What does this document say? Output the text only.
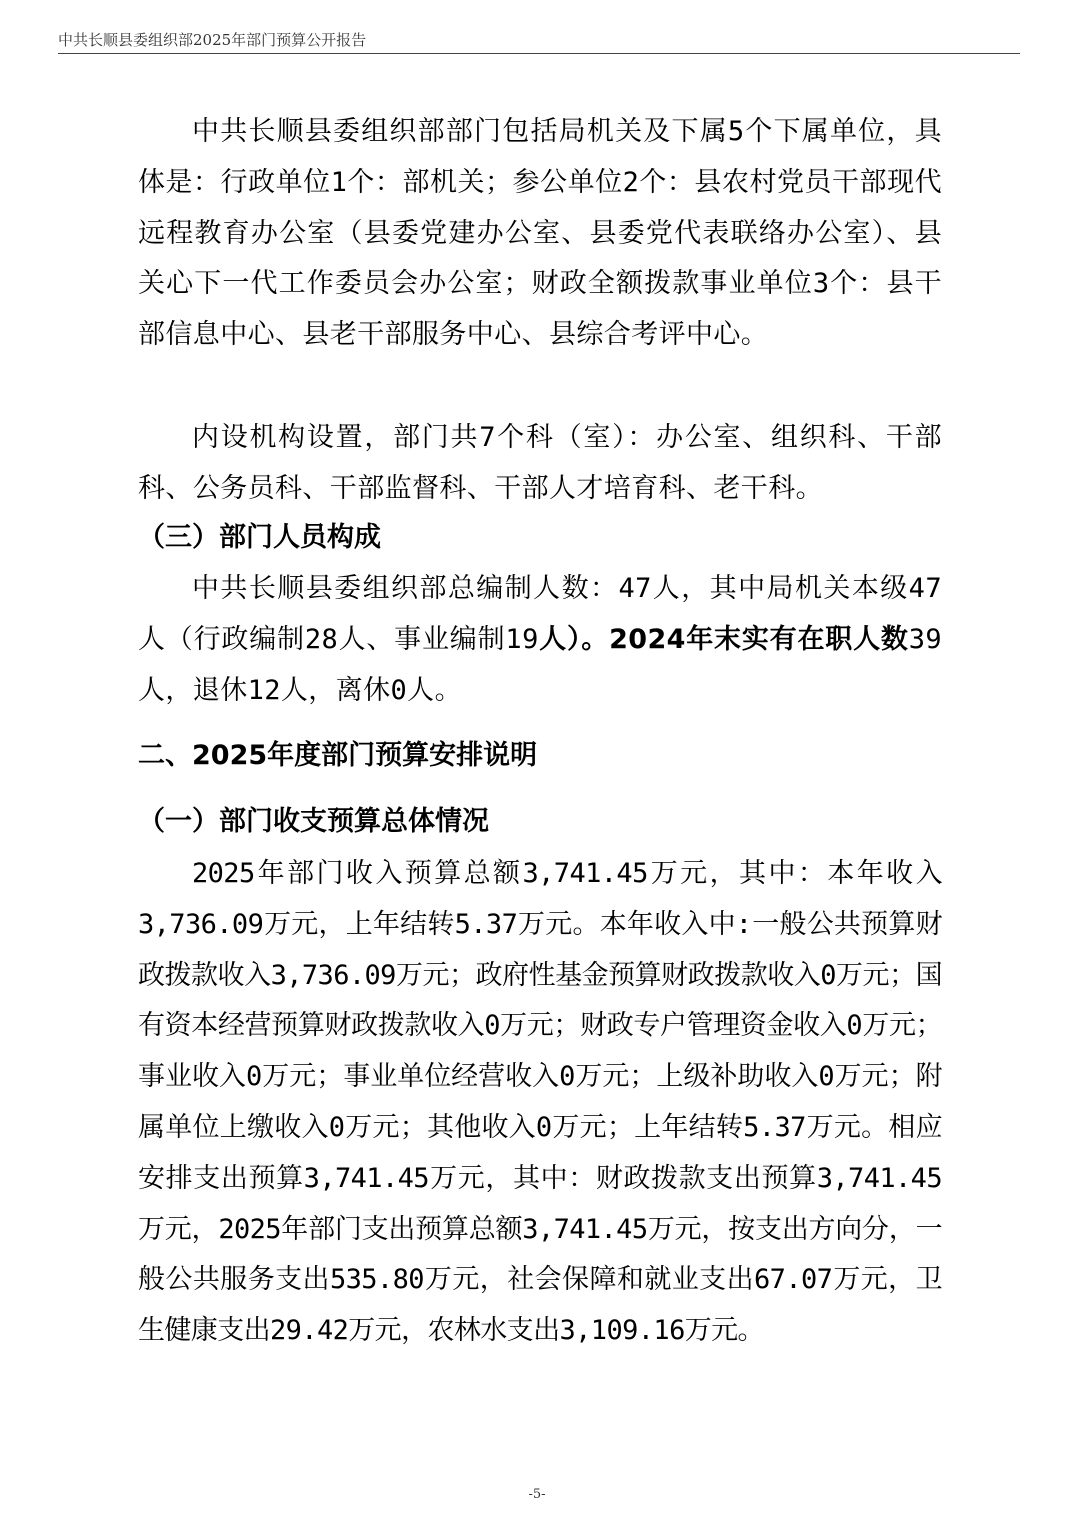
中共长顺县委组织部2025年部门预算公开报告

中共长顺县委组织部部门包括局机关及下属5个下属单位，具体是：行政单位1个：部机关；参公单位2个：县农村党员干部现代远程教育办公室（县委党建办公室、县委党代表联络办公室）、县关心下一代工作委员会办公室；财政全额拨款事业单位3个：县干部信息中心、县老干部服务中心、县综合考评中心。

内设机构设置，部门共7个科（室）：办公室、组织科、干部科、公务员科、干部监督科、干部人才培育科、老干科。

（三）部门人员构成

中共长顺县委组织部总编制人数：47人，其中局机关本级47人（行政编制28人、事业编制19人）。2024年末实有在职人数39人，退休12人，离休0人。

二、2025年度部门预算安排说明
（一）部门收支预算总体情况

2025年部门收入预算总额3,741.45万元，其中：本年收入3,736.09万元，上年结转5.37万元。本年收入中:一般公共预算财政拨款收入3,736.09万元；政府性基金预算财政拨款收入0万元；国有资本经营预算财政拨款收入0万元；财政专户管理资金收入0万元；事业收入0万元；事业单位经营收入0万元；上级补助收入0万元；附属单位上缴收入0万元；其他收入0万元；上年结转5.37万元。相应安排支出预算3,741.45万元，其中：财政拨款支出预算3,741.45万元，2025年部门支出预算总额3,741.45万元，按支出方向分，一般公共服务支出535.80万元，社会保障和就业支出67.07万元，卫生健康支出29.42万元，农林水支出3,109.16万元。

-5-
